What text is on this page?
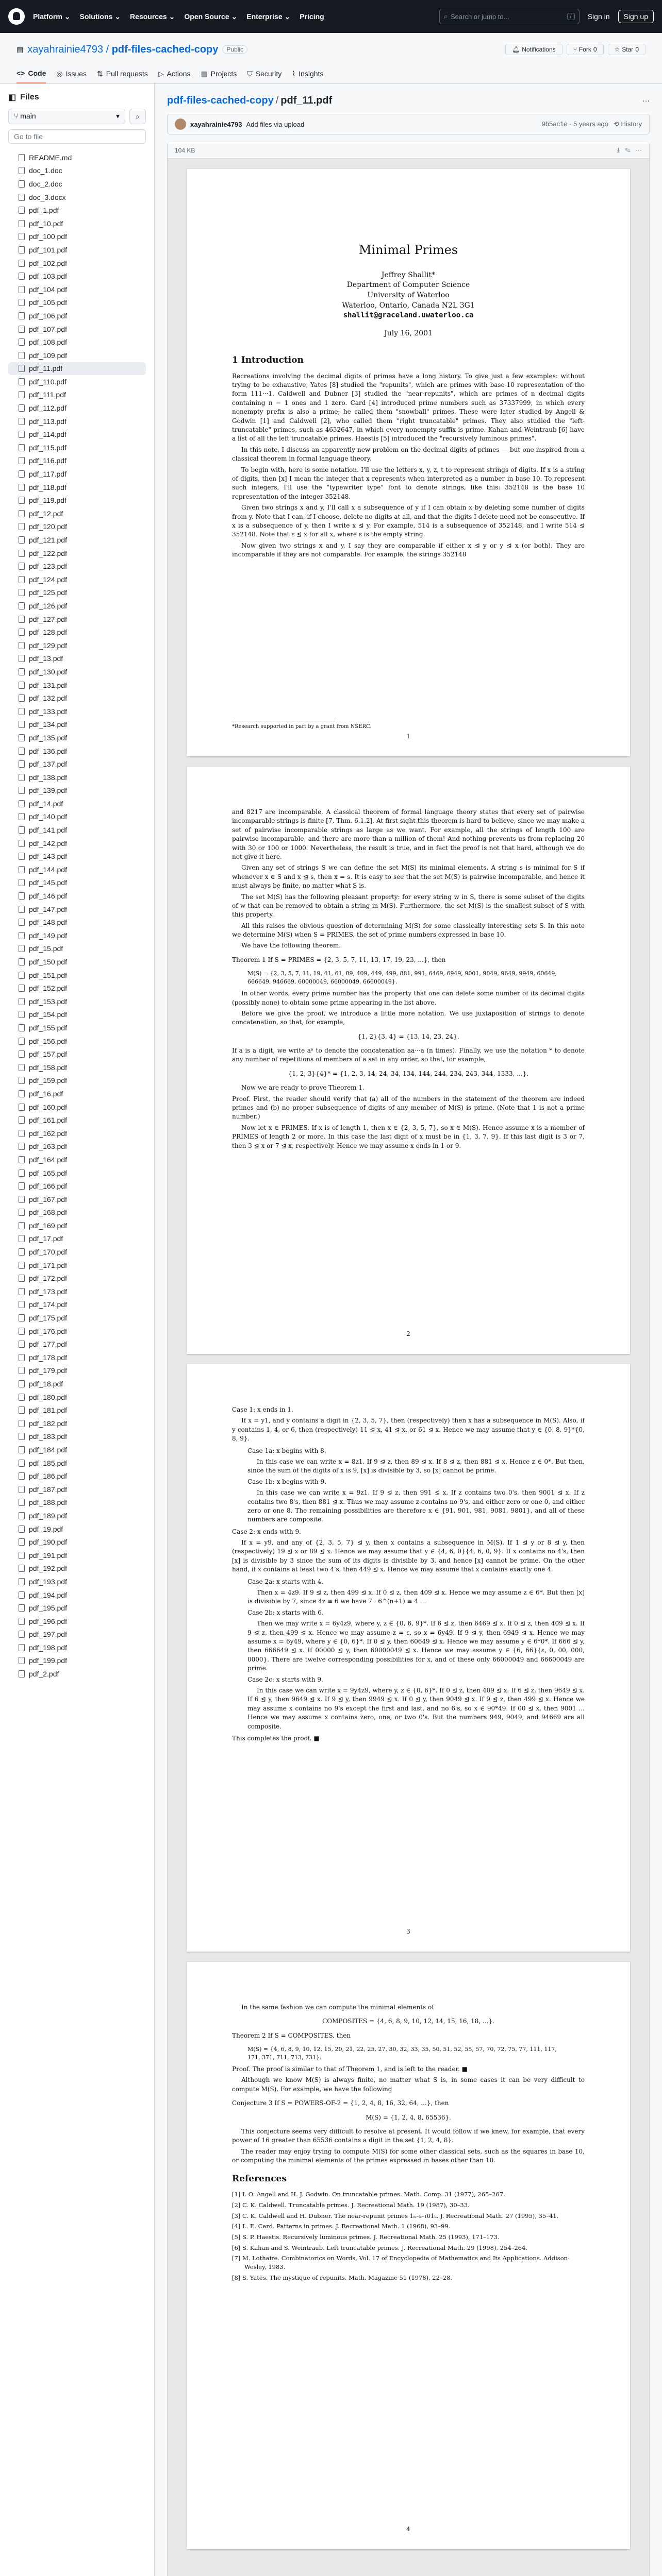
Platform ⌄ Solutions ⌄ Resources ⌄ Open Source ⌄ Enterprise ⌄ Pricing	⌕ Search or jump to...	/	Sign in	Sign up
▤ xayahrainie4793 / pdf-files-cached-copy	Public	🔔︎ Notifications	⑂ Fork 0	☆ Star 0
<> Code ◎ Issues ⇅ Pull requests ▷ Actions ▦ Projects ⛉ Security ⌇ Insights
◧ Files
⑂ main	▾	⌕
Go to file
README.md
doc_1.doc
doc_2.doc
doc_3.docx
pdf_1.pdf
pdf_10.pdf
pdf_100.pdf
pdf_101.pdf
pdf_102.pdf
pdf_103.pdf
pdf_104.pdf
pdf_105.pdf
pdf_106.pdf
pdf_107.pdf
pdf_108.pdf
pdf_109.pdf
pdf_11.pdf
pdf_110.pdf
pdf_111.pdf
pdf_112.pdf
pdf_113.pdf
pdf_114.pdf
pdf_115.pdf
pdf_116.pdf
pdf_117.pdf
pdf_118.pdf
pdf_119.pdf
pdf_12.pdf
pdf_120.pdf
pdf_121.pdf
pdf_122.pdf
pdf_123.pdf
pdf_124.pdf
pdf_125.pdf
pdf_126.pdf
pdf_127.pdf
pdf_128.pdf
pdf_129.pdf
pdf_13.pdf
pdf_130.pdf
pdf_131.pdf
pdf_132.pdf
pdf_133.pdf
pdf_134.pdf
pdf_135.pdf
pdf_136.pdf
pdf_137.pdf
pdf_138.pdf
pdf_139.pdf
pdf_14.pdf
pdf_140.pdf
pdf_141.pdf
pdf_142.pdf
pdf_143.pdf
pdf_144.pdf
pdf_145.pdf
pdf_146.pdf
pdf_147.pdf
pdf_148.pdf
pdf_149.pdf
pdf_15.pdf
pdf_150.pdf
pdf_151.pdf
pdf_152.pdf
pdf_153.pdf
pdf_154.pdf
pdf_155.pdf
pdf_156.pdf
pdf_157.pdf
pdf_158.pdf
pdf_159.pdf
pdf_16.pdf
pdf_160.pdf
pdf_161.pdf
pdf_162.pdf
pdf_163.pdf
pdf_164.pdf
pdf_165.pdf
pdf_166.pdf
pdf_167.pdf
pdf_168.pdf
pdf_169.pdf
pdf_17.pdf
pdf_170.pdf
pdf_171.pdf
pdf_172.pdf
pdf_173.pdf
pdf_174.pdf
pdf_175.pdf
pdf_176.pdf
pdf_177.pdf
pdf_178.pdf
pdf_179.pdf
pdf_18.pdf
pdf_180.pdf
pdf_181.pdf
pdf_182.pdf
pdf_183.pdf
pdf_184.pdf
pdf_185.pdf
pdf_186.pdf
pdf_187.pdf
pdf_188.pdf
pdf_189.pdf
pdf_19.pdf
pdf_190.pdf
pdf_191.pdf
pdf_192.pdf
pdf_193.pdf
pdf_194.pdf
pdf_195.pdf
pdf_196.pdf
pdf_197.pdf
pdf_198.pdf
pdf_199.pdf
pdf_2.pdf
pdf-files-cached-copy / pdf_11.pdf	···
xayahrainie4793 Add files via upload	9b5ac1e · 5 years ago ⟲ History
104 KB	⤓ ✎ ⋯
Minimal Primes
Jeffrey Shallit*
Department of Computer Science
University of Waterloo
Waterloo, Ontario, Canada N2L 3G1
shallit@graceland.uwaterloo.ca
July 16, 2001
1 Introduction

Recreations involving the decimal digits of primes have a long history. To give just a few examples: without trying to be exhaustive, Yates [8] studied the "repunits", which are primes with base-10 representation of the form 111···1. Caldwell and Dubner [3] studied the "near-repunits", which are primes of n decimal digits containing n − 1 ones and 1 zero. Card [4] introduced prime numbers such as 37337999, in which every nonempty prefix is also a prime; he called them "snowball" primes. These were later studied by Angell & Godwin [1] and Caldwell [2], who called them "right truncatable" primes. They also studied the "left-truncatable" primes, such as 4632647, in which every nonempty suffix is prime. Kahan and Weintraub [6] have a list of all the left truncatable primes. Haestis [5] introduced the "recursively luminous primes".

In this note, I discuss an apparently new problem on the decimal digits of primes — but one inspired from a classical theorem in formal language theory.

To begin with, here is some notation. I'll use the letters x, y, z, t to represent strings of digits. If x is a string of digits, then [x] I mean the integer that x represents when interpreted as a number in base 10. To represent such integers, I'll use the "typewriter type" font to denote strings, like this: 352148 is the base 10 representation of the integer 352148.

Given two strings x and y, I'll call x a subsequence of y if I can obtain x by deleting some number of digits from y. Note that I can, if I choose, delete no digits at all, and that the digits I delete need not be consecutive. If x is a subsequence of y, then I write x ⊴ y. For example, 514 is a subsequence of 352148, and I write 514 ⊴ 352148. Note that ε ⊴ x for all x, where ε is the empty string.

Now given two strings x and y, I say they are comparable if either x ⊴ y or y ⊴ x (or both). They are incomparable if they are not comparable. For example, the strings 352148

*Research supported in part by a grant from NSERC.
1

and 8217 are incomparable. A classical theorem of formal language theory states that every set of pairwise incomparable strings is finite [7, Thm. 6.1.2]. At first sight this theorem is hard to believe, since we may make a set of pairwise incomparable strings as large as we want. For example, all the strings of length 100 are pairwise incomparable, and there are more than a million of them! And nothing prevents us from replacing 20 with 30 or 100 or 1000. Nevertheless, the result is true, and in fact the proof is not that hard, although we do not give it here.

Given any set of strings S we can define the set M(S) its minimal elements. A string s is minimal for S if whenever x ∈ S and x ⊴ s, then x = s. It is easy to see that the set M(S) is pairwise incomparable, and hence it must always be finite, no matter what S is.

The set M(S) has the following pleasant property: for every string w in S, there is some subset of the digits of w that can be removed to obtain a string in M(S). Furthermore, the set M(S) is the smallest subset of S with this property.

All this raises the obvious question of determining M(S) for some classically interesting sets S. In this note we determine M(S) when S = PRIMES, the set of prime numbers expressed in base 10.

We have the following theorem.

Theorem 1 If S = PRIMES = {2, 3, 5, 7, 11, 13, 17, 19, 23, ...}, then

M(S) = {2, 3, 5, 7, 11, 19, 41, 61, 89, 409, 449, 499, 881, 991, 6469, 6949, 9001, 9049, 9649, 9949, 60649, 666649, 946669, 60000049, 66000049, 66600049}.

In other words, every prime number has the property that one can delete some number of its decimal digits (possibly none) to obtain some prime appearing in the list above.

Before we give the proof, we introduce a little more notation. We use juxtaposition of strings to denote concatenation, so that, for example,

{1, 2}{3, 4} = {13, 14, 23, 24}.

If a is a digit, we write aⁿ to denote the concatenation aa···a (n times). Finally, we use the notation * to denote any number of repetitions of members of a set in any order, so that, for example,

{1, 2, 3}{4}* = {1, 2, 3, 14, 24, 34, 134, 144, 244, 234, 243, 344, 1333, ...}.

Now we are ready to prove Theorem 1.

Proof. First, the reader should verify that (a) all of the numbers in the statement of the theorem are indeed primes and (b) no proper subsequence of digits of any member of M(S) is prime. (Note that 1 is not a prime number.)

Now let x ∈ PRIMES. If x is of length 1, then x ∈ {2, 3, 5, 7}, so x ∈ M(S). Hence assume x is a member of PRIMES of length 2 or more. In this case the last digit of x must be in {1, 3, 7, 9}. If this last digit is 3 or 7, then 3 ⊴ x or 7 ⊴ x, respectively. Hence we may assume x ends in 1 or 9.

2

Case 1: x ends in 1.

If x = y1, and y contains a digit in {2, 3, 5, 7}, then (respectively) then x has a subsequence in M(S). Also, if y contains 1, 4, or 6, then (respectively) 11 ⊴ x, 41 ⊴ x, or 61 ⊴ x. Hence we may assume that y ∈ {0, 8, 9}*{0, 8, 9}.

Case 1a: x begins with 8.

In this case we can write x = 8z1. If 9 ⊴ z, then 89 ⊴ x. If 8 ⊴ z, then 881 ⊴ x. Hence z ∈ 0*. But then, since the sum of the digits of x is 9, [x] is divisible by 3, so [x] cannot be prime.

Case 1b: x begins with 9.

In this case we can write x = 9z1. If 9 ⊴ z, then 991 ⊴ x. If z contains two 0's, then 9001 ⊴ x. If z contains two 8's, then 881 ⊴ x. Thus we may assume z contains no 9's, and either zero or one 0, and either zero or one 8. The remaining possibilities are therefore x ∈ {91, 901, 981, 9081, 9801}, and all of these numbers are composite.

Case 2: x ends with 9.

If x = y9, and any of {2, 3, 5, 7} ⊴ y, then x contains a subsequence in M(S). If 1 ⊴ y or 8 ⊴ y, then (respectively) 19 ⊴ x or 89 ⊴ x. Hence we may assume that y ∈ {4, 6, 0}{4, 6, 0, 9}. If x contains no 4's, then [x] is divisible by 3 since the sum of its digits is divisible by 3, and hence [x] cannot be prime. On the other hand, if x contains at least two 4's, then 449 ⊴ x. Hence we may assume that x contains exactly one 4.

Case 2a: x starts with 4.

Then x = 4z9. If 9 ⊴ z, then 499 ⊴ x. If 0 ⊴ z, then 409 ⊴ x. Hence we may assume z ∈ 6*. But then [x] is divisible by 7, since 4z ≡ 6 we have 7 · 6^(n+1) ≡ 4 ...

Case 2b: x starts with 6.

Then we may write x = 6y4z9, where y, z ∈ {0, 6, 9}*. If 6 ⊴ z, then 6469 ⊴ x. If 0 ⊴ z, then 409 ⊴ x. If 9 ⊴ z, then 499 ⊴ x. Hence we may assume z = ε, so x = 6y49. If 9 ⊴ y, then 6949 ⊴ x. Hence we may assume x = 6y49, where y ∈ {0, 6}*. If 0 ⊴ y, then 60649 ⊴ x. Hence we may assume y ∈ 6*0*. If 666 ⊴ y, then 666649 ⊴ x. If 00000 ⊴ y, then 60000049 ⊴ x. Hence we may assume y ∈ {6, 66}{ε, 0, 00, 000, 0000}. There are twelve corresponding possibilities for x, and of these only 66000049 and 66600049 are prime.

Case 2c: x starts with 9.

In this case we can write x = 9y4z9, where y, z ∈ {0, 6}*. If 0 ⊴ z, then 409 ⊴ x. If 6 ⊴ z, then 9649 ⊴ x. If 6 ⊴ y, then 9649 ⊴ x. If 9 ⊴ y, then 9949 ⊴ x. If 0 ⊴ y, then 9049 ⊴ x. If 9 ⊴ z, then 499 ⊴ x. Hence we may assume x contains no 9's except the first and last, and no 6's, so x ∈ 90*49. If 00 ⊴ x, then 9001 ... Hence we may assume x contains zero, one, or two 0's. But the numbers 949, 9049, and 94669 are all composite.

This completes the proof. ■

3

In the same fashion we can compute the minimal elements of

COMPOSITES = {4, 6, 8, 9, 10, 12, 14, 15, 16, 18, ...}.

Theorem 2 If S = COMPOSITES, then

M(S) = {4, 6, 8, 9, 10, 12, 15, 20, 21, 22, 25, 27, 30, 32, 33, 35, 50, 51, 52, 55, 57, 70, 72, 75, 77, 111, 117, 171, 371, 711, 713, 731}.

Proof. The proof is similar to that of Theorem 1, and is left to the reader. ■

Although we know M(S) is always finite, no matter what S is, in some cases it can be very difficult to compute M(S). For example, we have the following

Conjecture 3 If S = POWERS-OF-2 = {1, 2, 4, 8, 16, 32, 64, ...}, then

M(S) = {1, 2, 4, 8, 65536}.

This conjecture seems very difficult to resolve at present. It would follow if we knew, for example, that every power of 16 greater than 65536 contains a digit in the set {1, 2, 4, 8}.

The reader may enjoy trying to compute M(S) for some other classical sets, such as the squares in base 10, or computing the minimal elements of the primes expressed in bases other than 10.

References

[1] I. O. Angell and H. J. Godwin. On truncatable primes. Math. Comp. 31 (1977), 265–267.

[2] C. K. Caldwell. Truncatable primes. J. Recreational Math. 19 (1987), 30–33.

[3] C. K. Caldwell and H. Dubner. The near-repunit primes 1ₙ₋ₖ₋₁01ₖ. J. Recreational Math. 27 (1995), 35–41.

[4] L. E. Card. Patterns in primes. J. Recreational Math. 1 (1968), 93–99.

[5] S. P. Haestis. Recursively luminous primes. J. Recreational Math. 25 (1993), 171–173.

[6] S. Kahan and S. Weintraub. Left truncatable primes. J. Recreational Math. 29 (1998), 254–264.

[7] M. Lothaire. Combinatorics on Words, Vol. 17 of Encyclopedia of Mathematics and Its Applications. Addison-Wesley, 1983.

[8] S. Yates. The mystique of repunits. Math. Magazine 51 (1978), 22–28.

4
